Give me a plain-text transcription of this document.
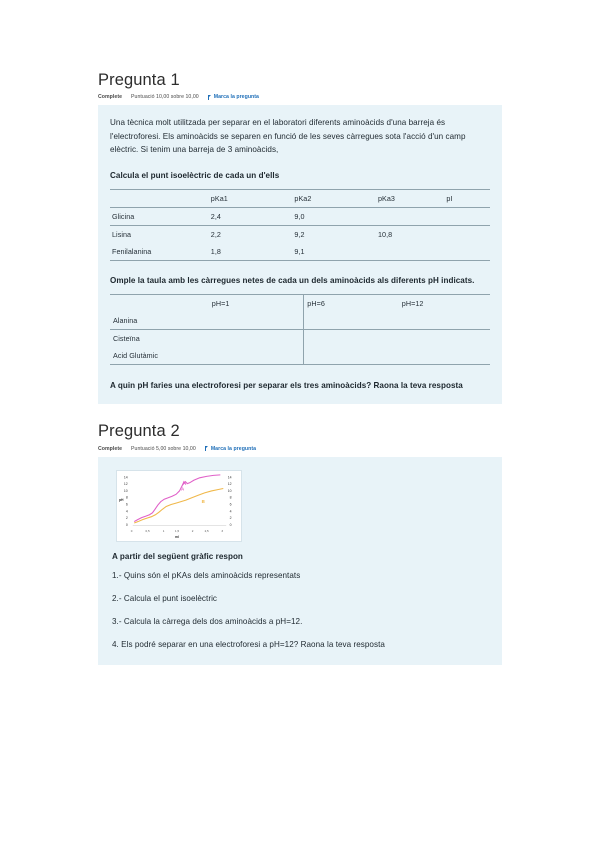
Pregunta 1
Complete Puntuació 10,00 sobre 10,00	Marca la pregunta

Una tècnica molt utilitzada per separar en el laboratori diferents aminoàcids d'una barreja és l'electroforesi. Els aminoàcids se separen en funció de les seves càrregues sota l'acció d'un camp elèctric. Si tenim una barreja de 3 aminoàcids,

Calcula el punt isoelèctric de cada un d'ells
	pKa1	pKa2	pKa3	pI
Glicina	2,4	9,0		
Lisina	2,2	9,2	10,8	
Fenilalanina	1,8	9,1		
Omple la taula amb les càrregues netes de cada un dels aminoàcids als diferents pH indicats.
	pH=1	pH=6	pH=12
Alanina			
Cisteïna			
Acid Glutàmic			
A quin pH faries una electroforesi per separar els tres aminoàcids? Raona la teva resposta
Pregunta 2
Complete Puntuació 5,00 sobre 10,00	Marca la pregunta
14
12
10
8
6
4
2
0
14
12
10
8
6
4
2
0
pH
ml
0 0,5 1 1,5 2 2,5 3
A
B
A partir del següent gràfic respon
1.- Quins són el pKAs dels aminoàcids representats
2.- Calcula el punt isoelèctric
3.- Calcula la càrrega dels dos aminoàcids a pH=12.
4. Els podré separar en una electroforesi a pH=12? Raona la teva resposta
